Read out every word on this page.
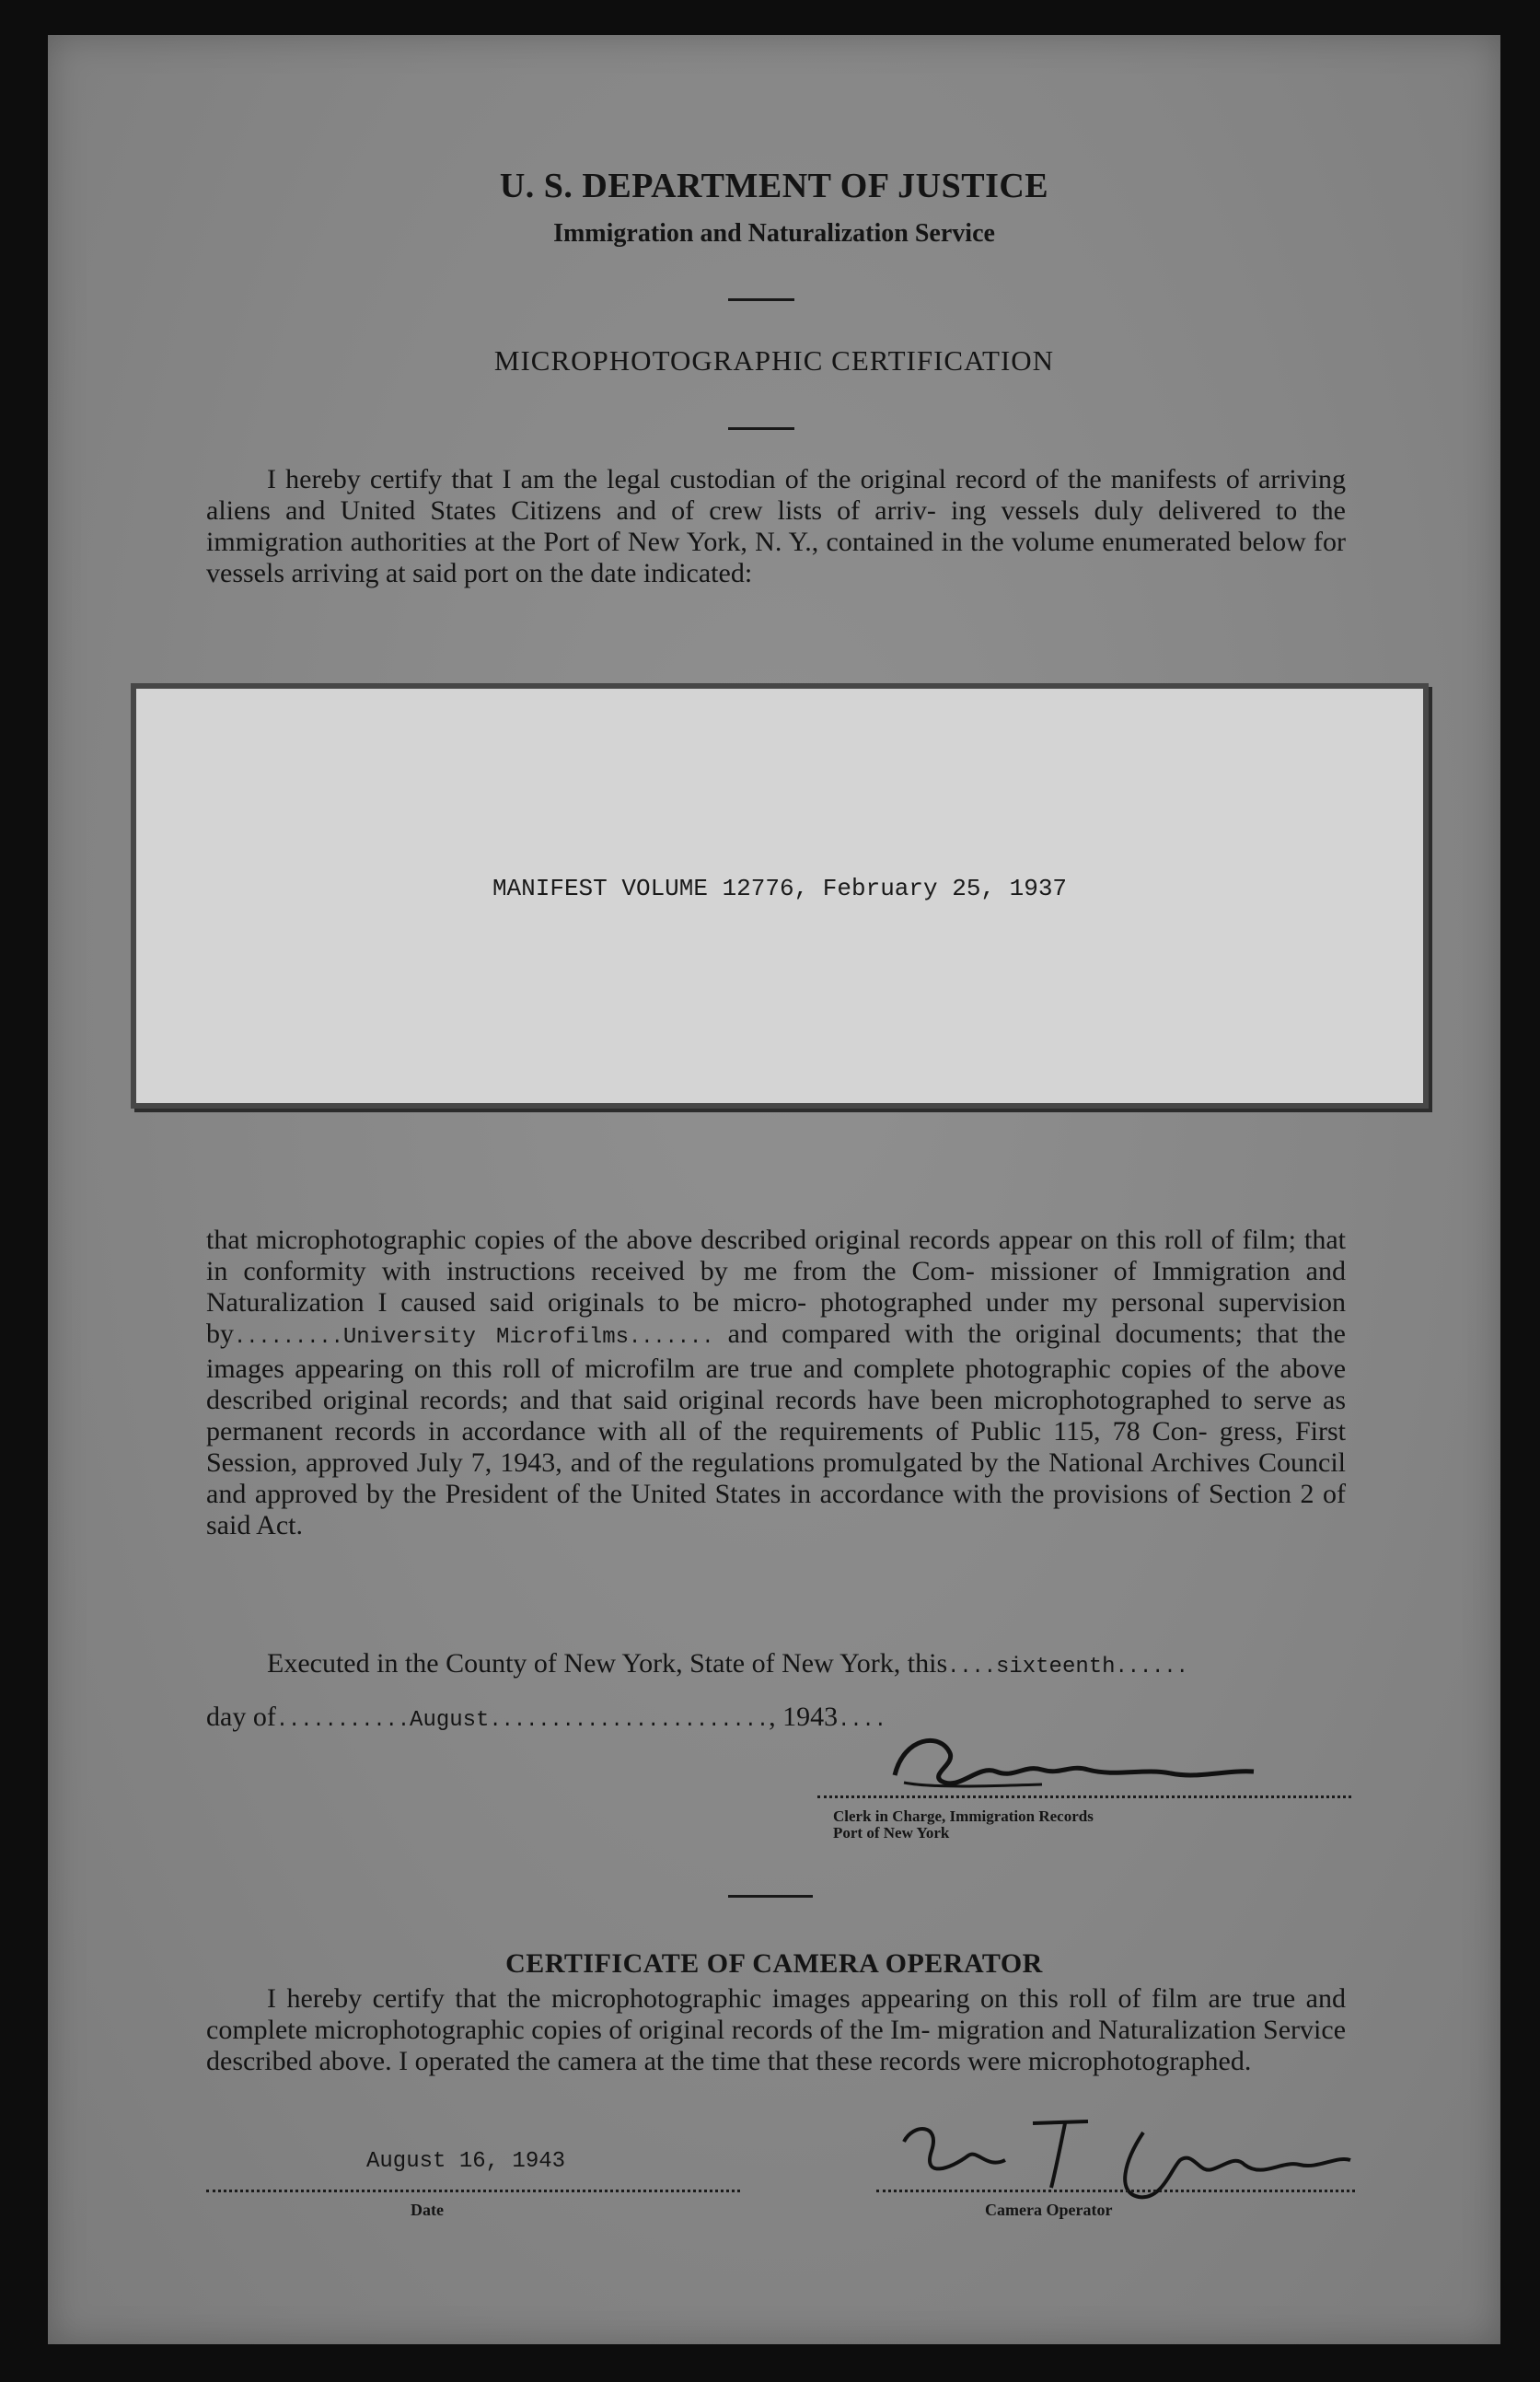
U. S. DEPARTMENT OF JUSTICE
Immigration and Naturalization Service
MICROPHOTOGRAPHIC CERTIFICATION
I hereby certify that I am the legal custodian of the original record of the manifests of arriving aliens and United States Citizens and of crew lists of arriv- ing vessels duly delivered to the immigration authorities at the Port of New York, N. Y., contained in the volume enumerated below for vessels arriving at said port on the date indicated:
MANIFEST VOLUME 12776, February 25, 1937
that microphotographic copies of the above described original records appear on this roll of film; that in conformity with instructions received by me from the Com- missioner of Immigration and Naturalization I caused said originals to be micro- photographed under my personal supervision by.........University Microfilms....... and compared with the original documents; that the images appearing on this roll of microfilm are true and complete photographic copies of the above described original records; and that said original records have been microphotographed to serve as permanent records in accordance with all of the requirements of Public 115, 78 Con- gress, First Session, approved July 7, 1943, and of the regulations promulgated by the National Archives Council and approved by the President of the United States in accordance with the provisions of Section 2 of said Act.
Executed in the County of New York, State of New York, this....sixteenth......
day of...........August......................., 1943....
Clerk in Charge, Immigration Records
Port of New York
CERTIFICATE OF CAMERA OPERATOR
I hereby certify that the microphotographic images appearing on this roll of film are true and complete microphotographic copies of original records of the Im- migration and Naturalization Service described above. I operated the camera at the time that these records were microphotographed.
August 16, 1943
Date	Camera Operator
